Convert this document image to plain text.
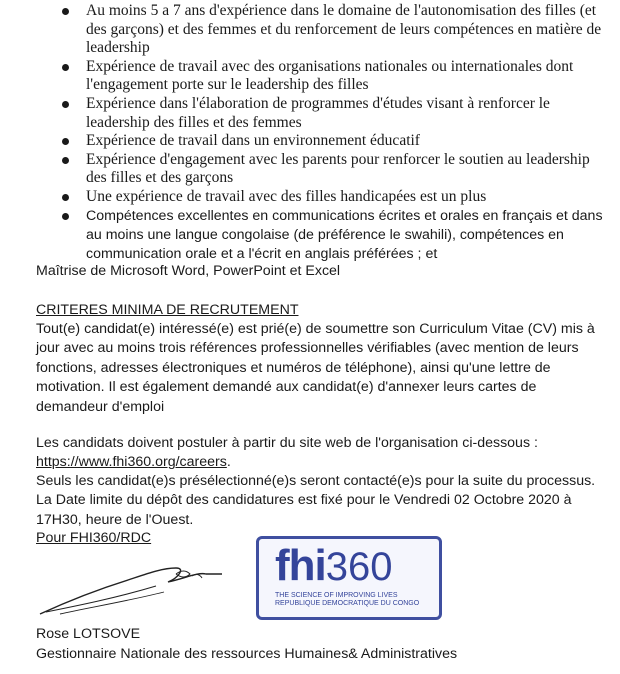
Au moins 5 a 7 ans d'expérience dans le domaine de l'autonomisation des filles (et des garçons) et des femmes et du renforcement de leurs compétences en matière de leadership
Expérience de travail avec des organisations nationales ou internationales dont l'engagement porte sur le leadership des filles
Expérience dans l'élaboration de programmes d'études visant à renforcer le leadership des filles et des femmes
Expérience de travail dans un environnement éducatif
Expérience d'engagement avec les parents pour renforcer le soutien au leadership des filles et des garçons
Une expérience de travail avec des filles handicapées est un plus
Compétences excellentes en communications écrites et orales en français et dans au moins une langue congolaise (de préférence le swahili), compétences en communication orale et a l'écrit en anglais préférées ; et
Maîtrise de Microsoft Word, PowerPoint et Excel
CRITERES MINIMA DE RECRUTEMENT
Tout(e) candidat(e) intéressé(e) est prié(e) de soumettre son Curriculum Vitae (CV) mis à jour avec au moins trois références professionnelles vérifiables (avec mention de leurs fonctions, adresses électroniques et numéros de téléphone), ainsi qu'une lettre de motivation. Il est également demandé aux candidat(e) d'annexer leurs cartes de demandeur d'emploi
Les candidats doivent postuler à partir du site web de l'organisation ci-dessous :
https://www.fhi360.org/careers.
Seuls les candidat(e)s présélectionné(e)s seront contacté(e)s pour la suite du processus.
La Date limite du dépôt des candidatures est fixé pour le Vendredi 02 Octobre 2020 à 17H30, heure de l'Ouest.
Pour FHI360/RDC
fhi360
THE SCIENCE OF IMPROVING LIVES
REPUBLIQUE DEMOCRATIQUE DU CONGO
Rose LOTSOVE
Gestionnaire Nationale des ressources Humaines& Administratives
